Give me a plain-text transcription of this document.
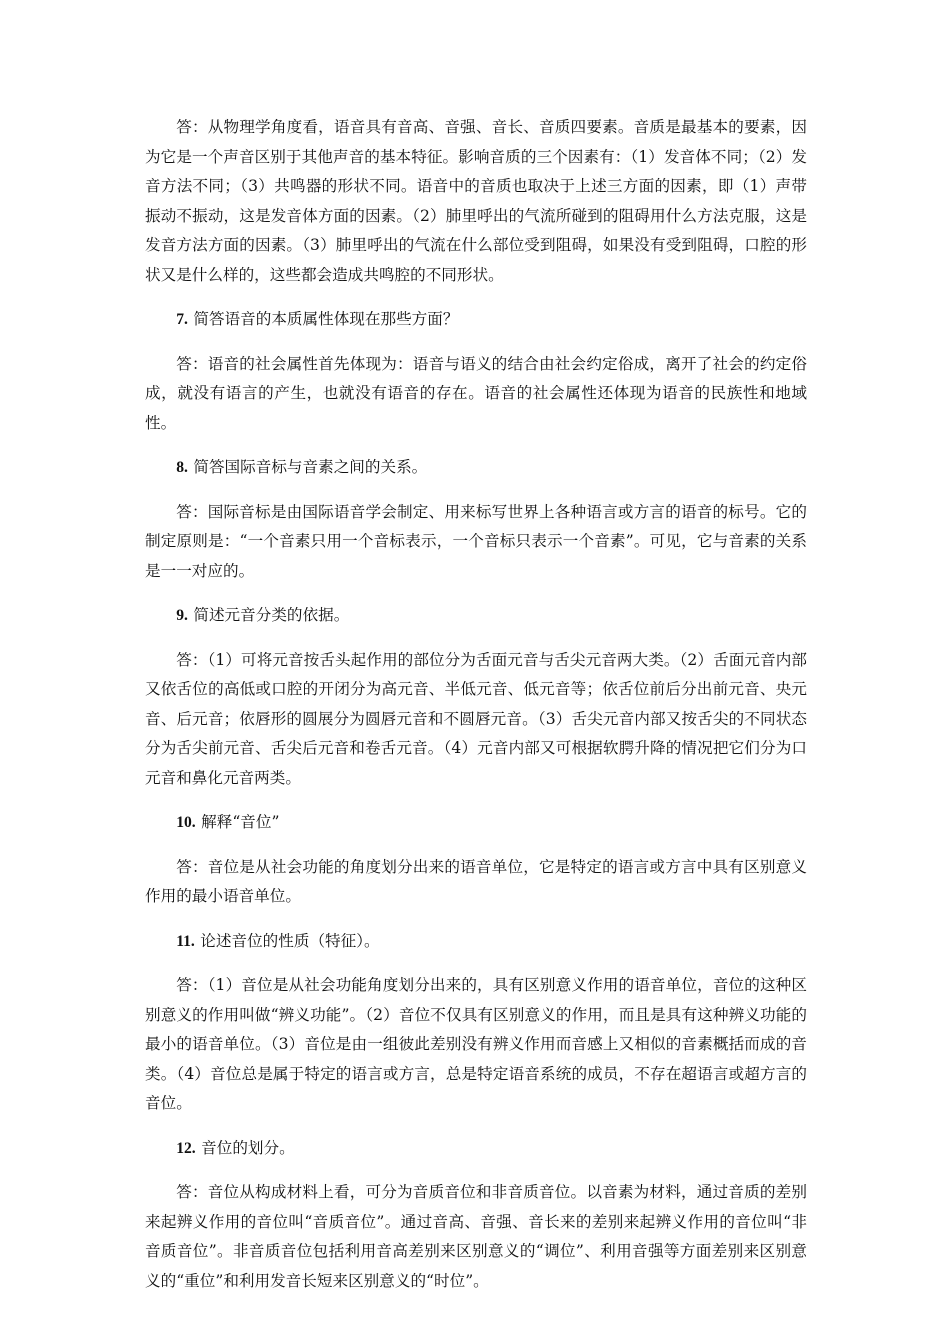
答：从物理学角度看，语音具有音高、音强、音长、音质四要素。音质是最基本的要素，因为它是一个声音区别于其他声音的基本特征。影响音质的三个因素有：（1）发音体不同；（2）发音方法不同；（3）共鸣器的形状不同。语音中的音质也取决于上述三方面的因素，即（1）声带振动不振动，这是发音体方面的因素。（2）肺里呼出的气流所碰到的阻碍用什么方法克服，这是发音方法方面的因素。（3）肺里呼出的气流在什么部位受到阻碍，如果没有受到阻碍，口腔的形状又是什么样的，这些都会造成共鸣腔的不同形状。

7. 简答语音的本质属性体现在那些方面？

答：语音的社会属性首先体现为：语音与语义的结合由社会约定俗成，离开了社会的约定俗成，就没有语言的产生，也就没有语音的存在。语音的社会属性还体现为语音的民族性和地域性。

8. 简答国际音标与音素之间的关系。

答：国际音标是由国际语音学会制定、用来标写世界上各种语言或方言的语音的标号。它的制定原则是：“一个音素只用一个音标表示，一个音标只表示一个音素”。可见，它与音素的关系是一一对应的。

9. 简述元音分类的依据。

答：（1）可将元音按舌头起作用的部位分为舌面元音与舌尖元音两大类。（2）舌面元音内部又依舌位的高低或口腔的开闭分为高元音、半低元音、低元音等；依舌位前后分出前元音、央元音、后元音；依唇形的圆展分为圆唇元音和不圆唇元音。（3）舌尖元音内部又按舌尖的不同状态分为舌尖前元音、舌尖后元音和卷舌元音。（4）元音内部又可根据软腭升降的情况把它们分为口元音和鼻化元音两类。

10. 解释“音位”

答：音位是从社会功能的角度划分出来的语音单位，它是特定的语言或方言中具有区别意义作用的最小语音单位。

11. 论述音位的性质（特征）。

答：（1）音位是从社会功能角度划分出来的，具有区别意义作用的语音单位，音位的这种区别意义的作用叫做“辨义功能”。（2）音位不仅具有区别意义的作用，而且是具有这种辨义功能的最小的语音单位。（3）音位是由一组彼此差别没有辨义作用而音感上又相似的音素概括而成的音类。（4）音位总是属于特定的语言或方言，总是特定语音系统的成员，不存在超语言或超方言的音位。

12. 音位的划分。

答：音位从构成材料上看，可分为音质音位和非音质音位。以音素为材料，通过音质的差别来起辨义作用的音位叫“音质音位”。通过音高、音强、音长来的差别来起辨义作用的音位叫“非音质音位”。非音质音位包括利用音高差别来区别意义的“调位”、利用音强等方面差别来区别意义的“重位”和利用发音长短来区别意义的“时位”。
